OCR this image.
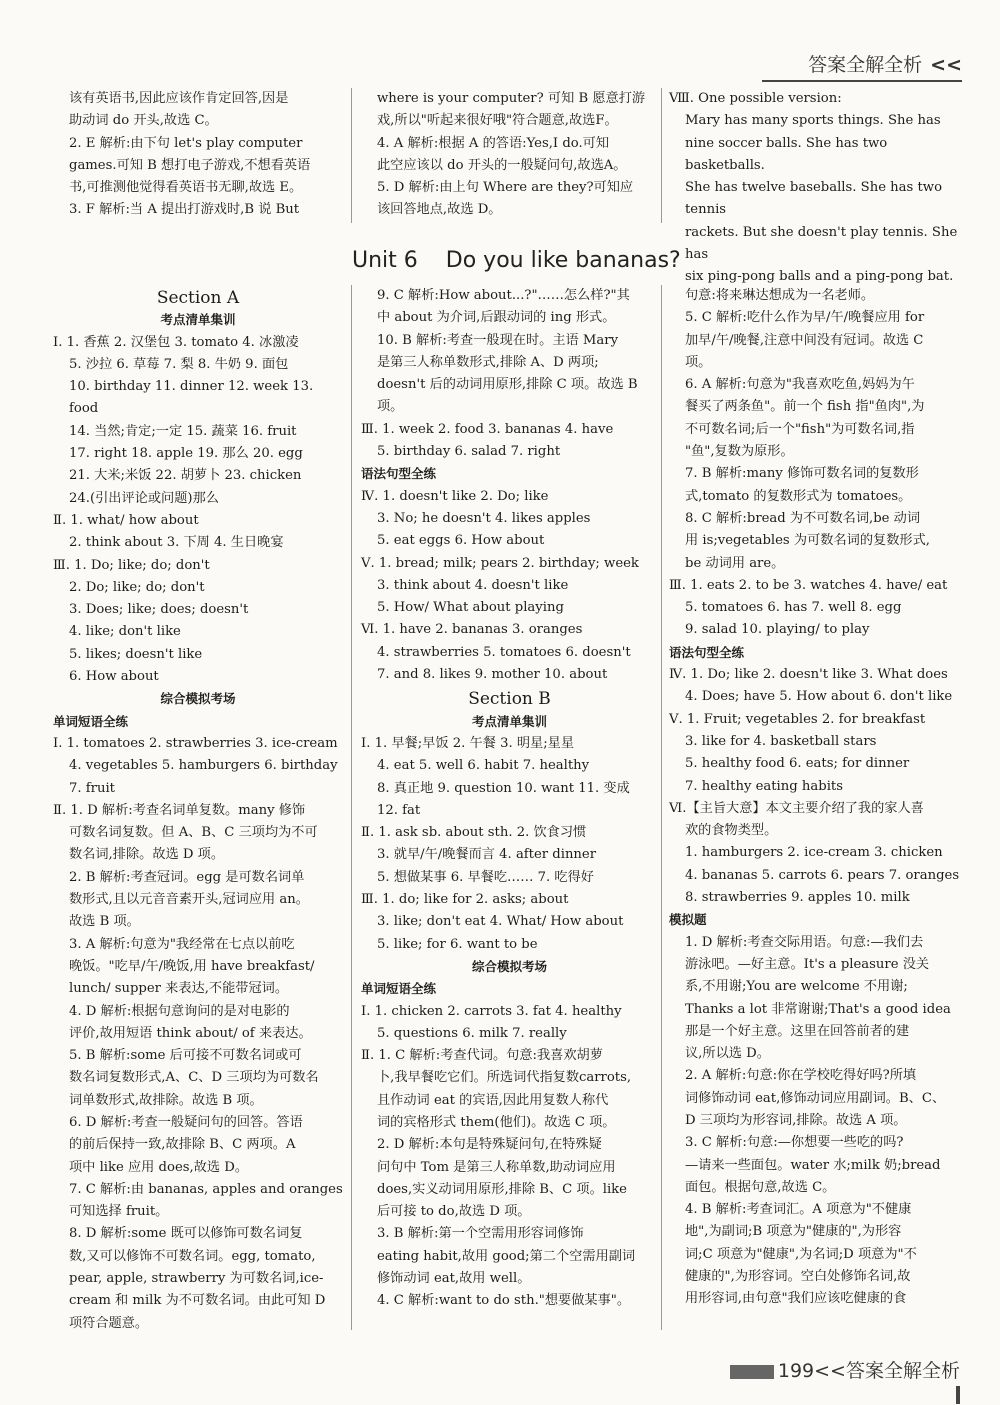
答案全解全析 <<

该有英语书,因此应该作肯定回答,因是

助动词 do 开头,故选 C。

2. E 解析:由下句 let's play computer

games.可知 B 想打电子游戏,不想看英语

书,可推测他觉得看英语书无聊,故选 E。

3. F 解析:当 A 提出打游戏时,B 说 But

where is your computer? 可知 B 愿意打游

戏,所以"听起来很好哦"符合题意,故选F。

4. A 解析:根据 A 的答语:Yes,I do.可知

此空应该以 do 开头的一般疑问句,故选A。

5. D 解析:由上句 Where are they?可知应

该回答地点,故选 D。

Ⅷ. One possible version:

Mary has many sports things. She has

nine soccer balls. She has two basketballs.

She has twelve baseballs. She has two tennis

rackets. But she doesn't play tennis. She has

six ping-pong balls and a ping-pong bat.

Unit 6 Do you like bananas?

Section A

考点清单集训

Ⅰ. 1. 香蕉 2. 汉堡包 3. tomato 4. 冰激凌

5. 沙拉 6. 草莓 7. 梨 8. 牛奶 9. 面包

10. birthday 11. dinner 12. week 13. food

14. 当然;肯定;一定 15. 蔬菜 16. fruit

17. right 18. apple 19. 那么 20. egg

21. 大米;米饭 22. 胡萝卜 23. chicken

24.(引出评论或问题)那么

Ⅱ. 1. what/ how about

2. think about 3. 下周 4. 生日晚宴

Ⅲ. 1. Do; like; do; don't

2. Do; like; do; don't

3. Does; like; does; doesn't

4. like; don't like

5. likes; doesn't like

6. How about

综合模拟考场

单词短语全练

Ⅰ. 1. tomatoes 2. strawberries 3. ice-cream

4. vegetables 5. hamburgers 6. birthday

7. fruit

Ⅱ. 1. D 解析:考查名词单复数。many 修饰

可数名词复数。但 A、B、C 三项均为不可

数名词,排除。故选 D 项。

2. B 解析:考查冠词。egg 是可数名词单

数形式,且以元音音素开头,冠词应用 an。

故选 B 项。

3. A 解析:句意为"我经常在七点以前吃

晚饭。"吃早/午/晚饭,用 have breakfast/

lunch/ supper 来表达,不能带冠词。

4. D 解析:根据句意询问的是对电影的

评价,故用短语 think about/ of 来表达。

5. B 解析:some 后可接不可数名词或可

数名词复数形式,A、C、D 三项均为可数名

词单数形式,故排除。故选 B 项。

6. D 解析:考查一般疑问句的回答。答语

的前后保持一致,故排除 B、C 两项。A

项中 like 应用 does,故选 D。

7. C 解析:由 bananas, apples and oranges

可知选择 fruit。

8. D 解析:some 既可以修饰可数名词复

数,又可以修饰不可数名词。egg, tomato,

pear, apple, strawberry 为可数名词,ice-

cream 和 milk 为不可数名词。由此可知 D

项符合题意。

9. C 解析:How about...?"……怎么样?"其

中 about 为介词,后跟动词的 ing 形式。

10. B 解析:考查一般现在时。主语 Mary

是第三人称单数形式,排除 A、D 两项;

doesn't 后的动词用原形,排除 C 项。故选 B

项。

Ⅲ. 1. week 2. food 3. bananas 4. have

5. birthday 6. salad 7. right

语法句型全练

Ⅳ. 1. doesn't like 2. Do; like

3. No; he doesn't 4. likes apples

5. eat eggs 6. How about

Ⅴ. 1. bread; milk; pears 2. birthday; week

3. think about 4. doesn't like

5. How/ What about playing

Ⅵ. 1. have 2. bananas 3. oranges

4. strawberries 5. tomatoes 6. doesn't

7. and 8. likes 9. mother 10. about

Section B

考点清单集训

Ⅰ. 1. 早餐;早饭 2. 午餐 3. 明星;星星

4. eat 5. well 6. habit 7. healthy

8. 真正地 9. question 10. want 11. 变成

12. fat

Ⅱ. 1. ask sb. about sth. 2. 饮食习惯

3. 就早/午/晚餐而言 4. after dinner

5. 想做某事 6. 早餐吃…… 7. 吃得好

Ⅲ. 1. do; like for 2. asks; about

3. like; don't eat 4. What/ How about

5. like; for 6. want to be

综合模拟考场

单词短语全练

Ⅰ. 1. chicken 2. carrots 3. fat 4. healthy

5. questions 6. milk 7. really

Ⅱ. 1. C 解析:考查代词。句意:我喜欢胡萝

卜,我早餐吃它们。所选词代指复数carrots,

且作动词 eat 的宾语,因此用复数人称代

词的宾格形式 them(他们)。故选 C 项。

2. D 解析:本句是特殊疑问句,在特殊疑

问句中 Tom 是第三人称单数,助动词应用

does,实义动词用原形,排除 B、C 项。like

后可接 to do,故选 D 项。

3. B 解析:第一个空需用形容词修饰

eating habit,故用 good;第二个空需用副词

修饰动词 eat,故用 well。

4. C 解析:want to do sth."想要做某事"。

句意:将来琳达想成为一名老师。

5. C 解析:吃什么作为早/午/晚餐应用 for

加早/午/晚餐,注意中间没有冠词。故选 C

项。

6. A 解析:句意为"我喜欢吃鱼,妈妈为午

餐买了两条鱼"。前一个 fish 指"鱼肉",为

不可数名词;后一个"fish"为可数名词,指

"鱼",复数为原形。

7. B 解析:many 修饰可数名词的复数形

式,tomato 的复数形式为 tomatoes。

8. C 解析:bread 为不可数名词,be 动词

用 is;vegetables 为可数名词的复数形式,

be 动词用 are。

Ⅲ. 1. eats 2. to be 3. watches 4. have/ eat

5. tomatoes 6. has 7. well 8. egg

9. salad 10. playing/ to play

语法句型全练

Ⅳ. 1. Do; like 2. doesn't like 3. What does

4. Does; have 5. How about 6. don't like

Ⅴ. 1. Fruit; vegetables 2. for breakfast

3. like for 4. basketball stars

5. healthy food 6. eats; for dinner

7. healthy eating habits

Ⅵ.【主旨大意】本文主要介绍了我的家人喜

欢的食物类型。

1. hamburgers 2. ice-cream 3. chicken

4. bananas 5. carrots 6. pears 7. oranges

8. strawberries 9. apples 10. milk

模拟题

1. D 解析:考查交际用语。句意:—我们去

游泳吧。—好主意。It's a pleasure 没关

系,不用谢;You are welcome 不用谢;

Thanks a lot 非常谢谢;That's a good idea

那是一个好主意。这里在回答前者的建

议,所以选 D。

2. A 解析:句意:你在学校吃得好吗?所填

词修饰动词 eat,修饰动词应用副词。B、C、

D 三项均为形容词,排除。故选 A 项。

3. C 解析:句意:—你想要一些吃的吗?

—请来一些面包。water 水;milk 奶;bread

面包。根据句意,故选 C。

4. B 解析:考查词汇。A 项意为"不健康

地",为副词;B 项意为"健康的",为形容

词;C 项意为"健康",为名词;D 项意为"不

健康的",为形容词。空白处修饰名词,故

用形容词,由句意"我们应该吃健康的食

199<<答案全解全析
